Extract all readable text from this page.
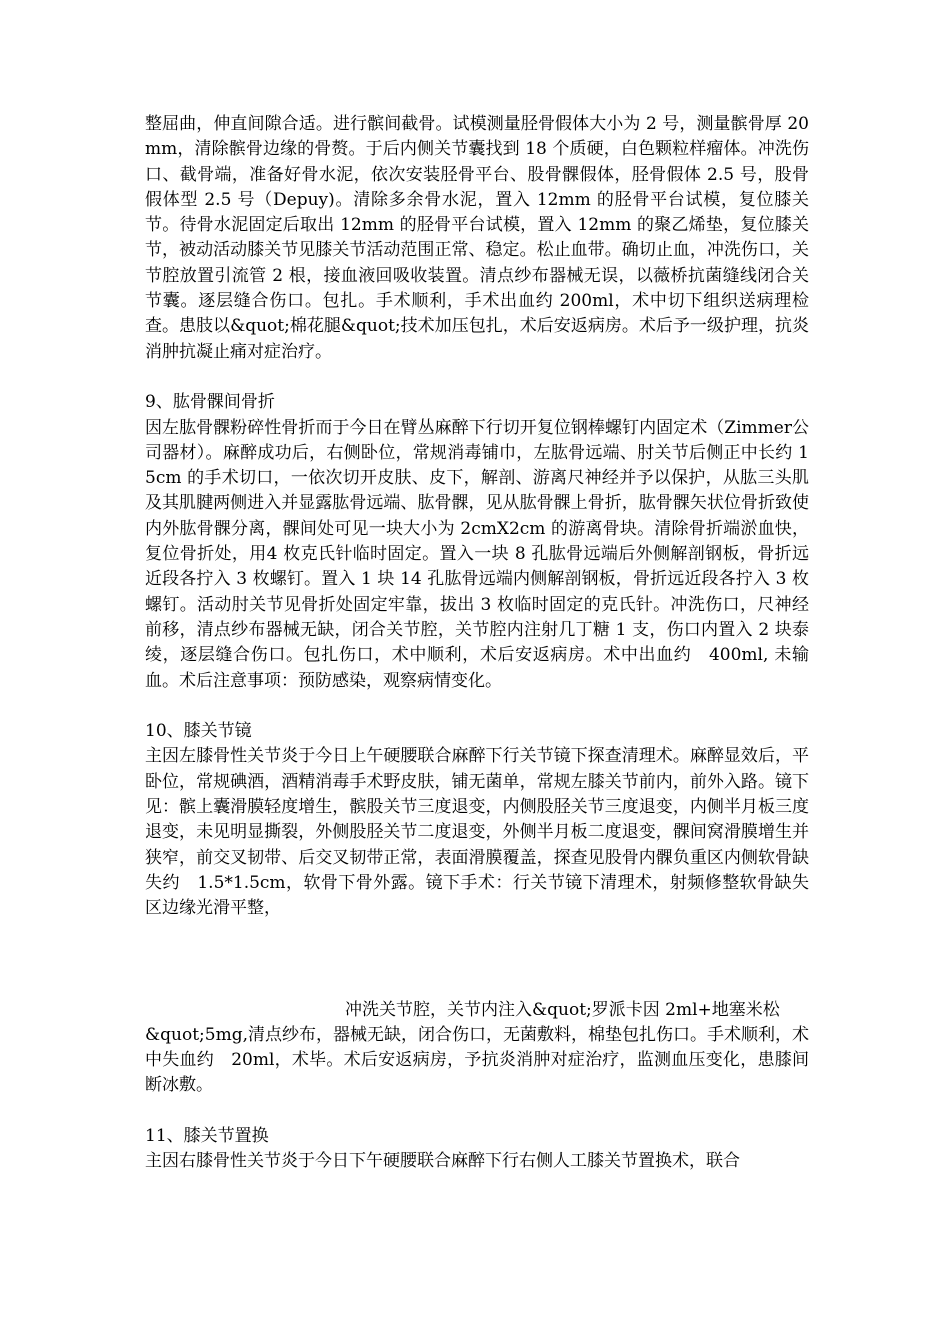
整屈曲，伸直间隙合适。进行髌间截骨。试模测量胫骨假体大小为 2 号，测量髌骨厚 20mm，清除髌骨边缘的骨赘。于后内侧关节囊找到 18 个质硬，白色颗粒样瘤体。冲洗伤口、截骨端，准备好骨水泥，依次安装胫骨平台、股骨髁假体，胫骨假体 2.5 号，股骨假体型 2.5 号（Depuy)。清除多余骨水泥，置入 12mm 的胫骨平台试模，复位膝关节。待骨水泥固定后取出 12mm 的胫骨平台试模，置入 12mm 的聚乙烯垫，复位膝关节，被动活动膝关节见膝关节活动范围正常、稳定。松止血带。确切止血，冲洗伤口，关节腔放置引流管 2 根，接血液回吸收装置。清点纱布器械无误，以薇桥抗菌缝线闭合关节囊。逐层缝合伤口。包扎。手术顺利，手术出血约 200ml，术中切下组织送病理检查。患肢以&quot;棉花腿&quot;技术加压包扎，术后安返病房。术后予一级护理，抗炎消肿抗凝止痛对症治疗。

9、肱骨髁间骨折

因左肱骨髁粉碎性骨折而于今日在臂丛麻醉下行切开复位钢棒螺钉内固定术（Zimmer公司器材）。麻醉成功后，右侧卧位，常规消毒铺巾，左肱骨远端、肘关节后侧正中长约 15cm 的手术切口，一依次切开皮肤、皮下，解剖、游离尺神经并予以保护，从肱三头肌及其肌腱两侧进入并显露肱骨远端、肱骨髁，见从肱骨髁上骨折，肱骨髁矢状位骨折致使内外肱骨髁分离，髁间处可见一块大小为 2cmX2cm 的游离骨块。清除骨折端淤血快，复位骨折处，用4 枚克氏针临时固定。置入一块 8 孔肱骨远端后外侧解剖钢板，骨折远近段各拧入 3 枚螺钉。置入 1 块 14 孔肱骨远端内侧解剖钢板，骨折远近段各拧入 3 枚螺钉。活动肘关节见骨折处固定牢靠，拔出 3 枚临时固定的克氏针。冲洗伤口，尺神经前移，清点纱布器械无缺，闭合关节腔，关节腔内注射几丁糖 1 支，伤口内置入 2 块泰绫，逐层缝合伤口。包扎伤口，术中顺利，术后安返病房。术中出血约　400ml, 未输血。术后注意事项：预防感染，观察病情变化。

10、膝关节镜

主因左膝骨性关节炎于今日上午硬腰联合麻醉下行关节镜下探查清理术。麻醉显效后，平卧位，常规碘酒，酒精消毒手术野皮肤，铺无菌单，常规左膝关节前内，前外入路。镜下见：髌上囊滑膜轻度增生，髌股关节三度退变，内侧股胫关节三度退变，内侧半月板三度退变，未见明显撕裂，外侧股胫关节二度退变，外侧半月板二度退变，髁间窝滑膜增生并狭窄，前交叉韧带、后交叉韧带正常，表面滑膜覆盖，探查见股骨内髁负重区内侧软骨缺失约　1.5*1.5cm，软骨下骨外露。镜下手术：行关节镜下清理术，射频修整软骨缺失区边缘光滑平整，

冲洗关节腔，关节内注入&quot;罗派卡因 2ml+地塞米松

&quot;5mg,清点纱布，器械无缺，闭合伤口，无菌敷料，棉垫包扎伤口。手术顺利，术中失血约　20ml，术毕。术后安返病房，予抗炎消肿对症治疗，监测血压变化，患膝间断冰敷。

11、膝关节置换

主因右膝骨性关节炎于今日下午硬腰联合麻醉下行右侧人工膝关节置换术，联合
